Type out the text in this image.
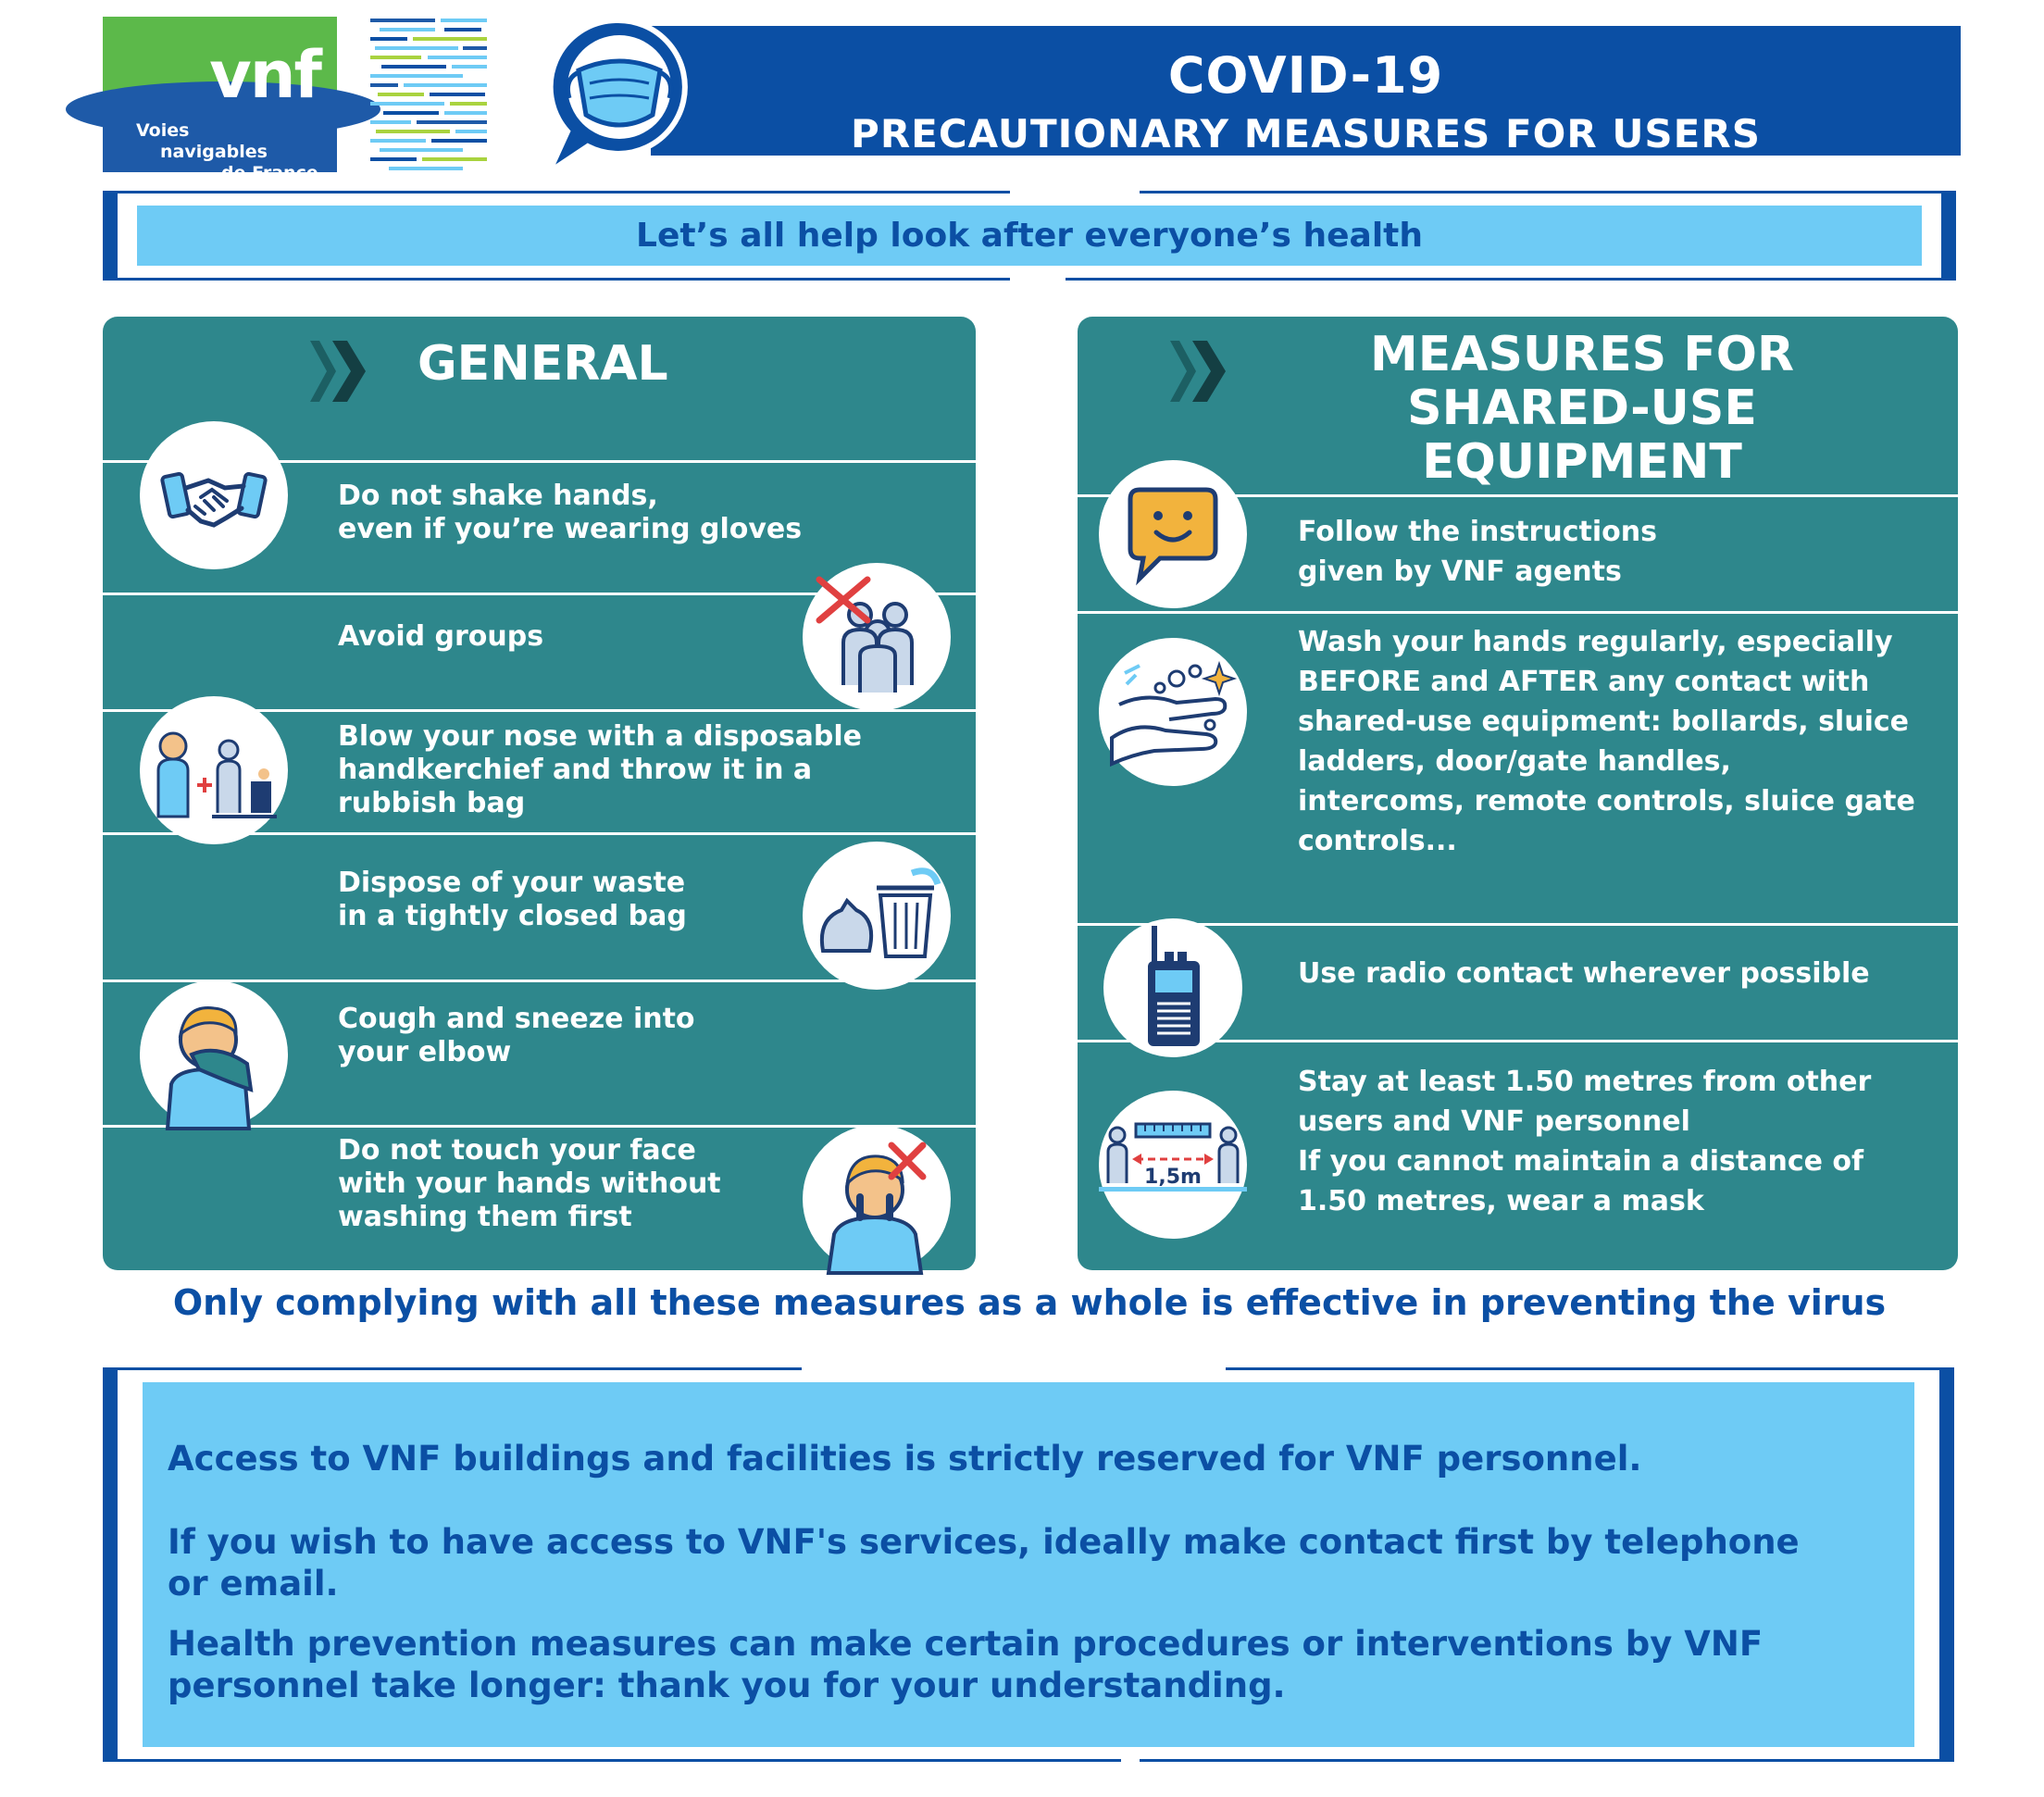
vnf
Voies
navigables
de France
COVID-19
PRECAUTIONARY MEASURES FOR USERS
Let’s all help look after everyone’s health
GENERAL
Do not shake hands,
even if you’re wearing gloves
Avoid groups
Blow your nose with a disposable
handkerchief and throw it in a
rubbish bag
Dispose of your waste
in a tightly closed bag
Cough and sneeze into
your elbow
Do not touch your face
with your hands without
washing them first
MEASURES FOR
SHARED-USE
EQUIPMENT
Follow the instructions
given by VNF agents
Wash your hands regularly, especially
BEFORE and AFTER any contact with
shared-use equipment: bollards, sluice
ladders, door/gate handles,
intercoms, remote controls, sluice gate
controls...
Use radio contact wherever possible
1,5m
Stay at least 1.50 metres from other
users and VNF personnel
If you cannot maintain a distance of
1.50 metres, wear a mask
Only complying with all these measures as a whole is effective in preventing the virus

Access to VNF buildings and facilities is strictly reserved for VNF personnel.

If you wish to have access to VNF's services, ideally make contact first by telephone or email.

Health prevention measures can make certain procedures or interventions by VNF personnel take longer: thank you for your understanding.
